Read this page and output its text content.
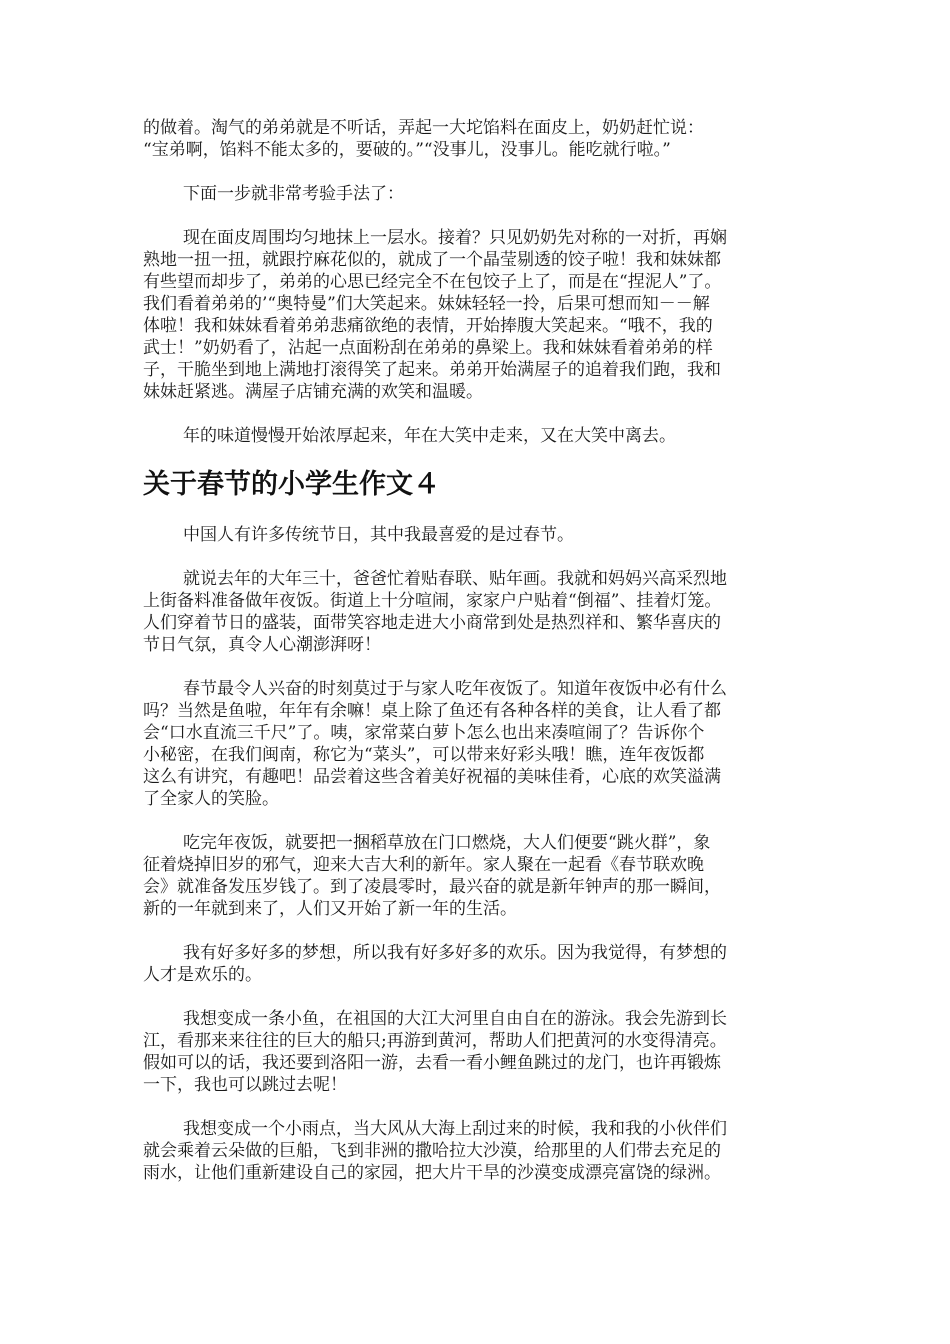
的做着。淘气的弟弟就是不听话，弄起一大坨馅料在面皮上，奶奶赶忙说：
“宝弟啊，馅料不能太多的，要破的。”“没事儿，没事儿。能吃就行啦。”
下面一步就非常考验手法了：
现在面皮周围均匀地抹上一层水。接着？只见奶奶先对称的一对折，再娴
熟地一扭一扭，就跟拧麻花似的，就成了一个晶莹剔透的饺子啦！我和妹妹都
有些望而却步了，弟弟的心思已经完全不在包饺子上了，而是在“捏泥人”了。
我们看着弟弟的’“奥特曼”们大笑起来。妹妹轻轻一拎，后果可想而知－－解
体啦！我和妹妹看着弟弟悲痛欲绝的表情，开始捧腹大笑起来。“哦不，我的
武士！”奶奶看了，沾起一点面粉刮在弟弟的鼻梁上。我和妹妹看着弟弟的样
子，干脆坐到地上满地打滚得笑了起来。弟弟开始满屋子的追着我们跑，我和
妹妹赶紧逃。满屋子店铺充满的欢笑和温暖。
年的味道慢慢开始浓厚起来，年在大笑中走来，又在大笑中离去。
关于春节的小学生作文４
中国人有许多传统节日，其中我最喜爱的是过春节。
就说去年的大年三十，爸爸忙着贴春联、贴年画。我就和妈妈兴高采烈地
上街备料准备做年夜饭。街道上十分喧闹，家家户户贴着“倒福”、挂着灯笼。
人们穿着节日的盛装，面带笑容地走进大小商常到处是热烈祥和、繁华喜庆的
节日气氛，真令人心潮澎湃呀！
春节最令人兴奋的时刻莫过于与家人吃年夜饭了。知道年夜饭中必有什么
吗？当然是鱼啦，年年有余嘛！桌上除了鱼还有各种各样的美食，让人看了都
会“口水直流三千尺”了。咦，家常菜白萝卜怎么也出来凑喧闹了？告诉你个
小秘密，在我们闽南，称它为“菜头”，可以带来好彩头哦！瞧，连年夜饭都
这么有讲究，有趣吧！品尝着这些含着美好祝福的美味佳肴，心底的欢笑溢满
了全家人的笑脸。
吃完年夜饭，就要把一捆稻草放在门口燃烧，大人们便要“跳火群”，象
征着烧掉旧岁的邪气，迎来大吉大利的新年。家人聚在一起看《春节联欢晚
会》就准备发压岁钱了。到了凌晨零时，最兴奋的就是新年钟声的那一瞬间，
新的一年就到来了，人们又开始了新一年的生活。
我有好多好多的梦想，所以我有好多好多的欢乐。因为我觉得，有梦想的
人才是欢乐的。
我想变成一条小鱼，在祖国的大江大河里自由自在的游泳。我会先游到长
江，看那来来往往的巨大的船只;再游到黄河，帮助人们把黄河的水变得清亮。
假如可以的话，我还要到洛阳一游，去看一看小鲤鱼跳过的龙门，也许再锻炼
一下，我也可以跳过去呢！
我想变成一个小雨点，当大风从大海上刮过来的时候，我和我的小伙伴们
就会乘着云朵做的巨船，飞到非洲的撒哈拉大沙漠，给那里的人们带去充足的
雨水，让他们重新建设自己的家园，把大片干旱的沙漠变成漂亮富饶的绿洲。
